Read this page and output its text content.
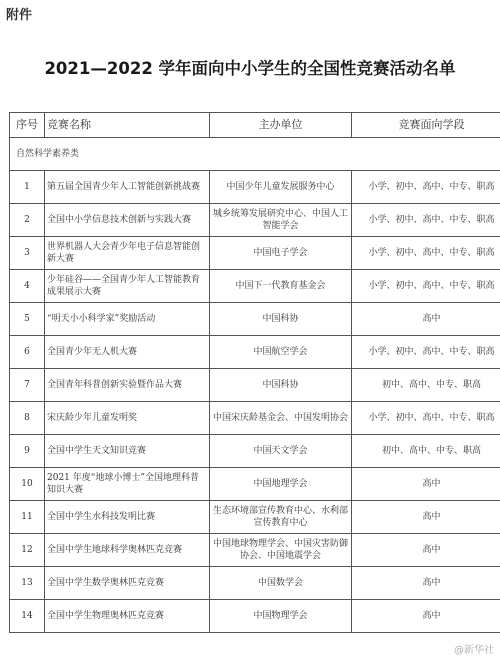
附件
2021—2022 学年面向中小学生的全国性竞赛活动名单
序号	竞赛名称	主办单位	竞赛面向学段
自然科学素养类			
1	第五届全国青少年人工智能创新挑战赛	中国少年儿童发展服务中心	小学、初中、高中、中专、职高
2	全国中小学信息技术创新与实践大赛	城乡统筹发展研究中心、中国人工智能学会	小学、初中、高中、中专、职高
3	世界机器人大会青少年电子信息智能创新大赛	中国电子学会	小学、初中、高中、中专、职高
4	少年硅谷——全国青少年人工智能教育成果展示大赛	中国下一代教育基金会	小学、初中、高中、中专、职高
5	“明天小小科学家”奖励活动	中国科协	高中
6	全国青少年无人机大赛	中国航空学会	小学、初中、高中、中专、职高
7	全国青年科普创新实验暨作品大赛	中国科协	初中、高中、中专、职高
8	宋庆龄少年儿童发明奖	中国宋庆龄基金会、中国发明协会	小学、初中、高中、中专、职高
9	全国中学生天文知识竞赛	中国天文学会	初中、高中、中专、职高
10	2021 年度“地球小博士”全国地理科普知识大赛	中国地理学会	高中
11	全国中学生水科技发明比赛	生态环境部宣传教育中心、水利部宣传教育中心	高中
12	全国中学生地球科学奥林匹克竞赛	中国地球物理学会、中国灾害防御协会、中国地震学会	高中
13	全国中学生数学奥林匹克竞赛	中国数学会	高中
14	全国中学生物理奥林匹克竞赛	中国物理学会	高中
@新华社
